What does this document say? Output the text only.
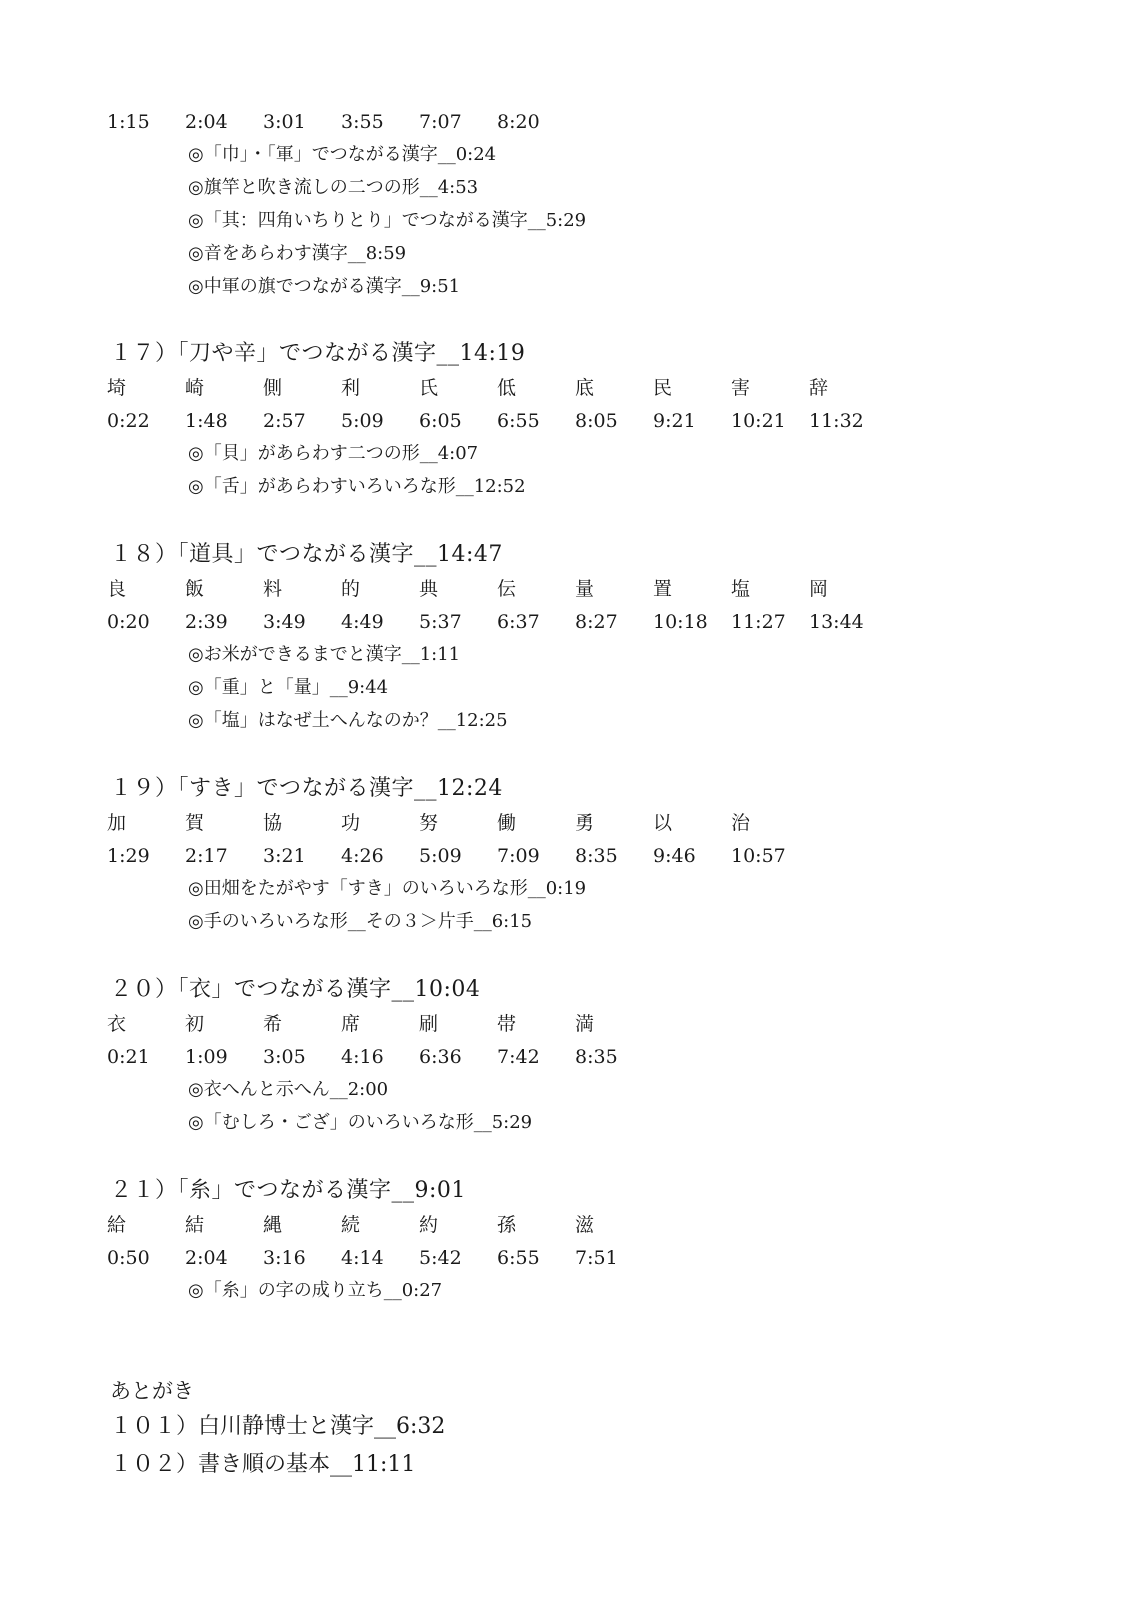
1:15 2:04 3:01 3:55 7:07 8:20
◎「巾」・「軍」でつながる漢字__0:24
◎旗竿と吹き流しの二つの形__4:53
◎「其：四角いちりとり」でつながる漢字__5:29
◎音をあらわす漢字__8:59
◎中軍の旗でつながる漢字__9:51
１７）「刀や辛」でつながる漢字__14:19
埼	崎	側	利	氏	低	底	民	害	辞
0:22 1:48 2:57 5:09 6:05 6:55 8:05 9:21 10:21 11:32
◎「貝」があらわす二つの形__4:07
◎「舌」があらわすいろいろな形__12:52
１８）「道具」でつながる漢字__14:47
良	飯	料	的	典	伝	量	置	塩	岡
0:20 2:39 3:49 4:49 5:37 6:37 8:27 10:18 11:27 13:44
◎お米ができるまでと漢字__1:11
◎「重」と「量」__9:44
◎「塩」はなぜ土へんなのか？__12:25
１９）「すき」でつながる漢字__12:24
加	賀	協	功	努	働	勇	以	治
1:29 2:17 3:21 4:26 5:09 7:09 8:35 9:46 10:57
◎田畑をたがやす「すき」のいろいろな形__0:19
◎手のいろいろな形__その３＞片手__6:15
２０）「衣」でつながる漢字__10:04
衣	初	希	席	刷	帯	満
0:21 1:09 3:05 4:16 6:36 7:42 8:35
◎衣へんと示へん__2:00
◎「むしろ・ござ」のいろいろな形__5:29
２１）「糸」でつながる漢字__9:01
給	結	縄	続	約	孫	滋
0:50 2:04 3:16 4:14 5:42 6:55 7:51
◎「糸」の字の成り立ち__0:27
あとがき
１０１）白川静博士と漢字__6:32
１０２）書き順の基本__11:11
